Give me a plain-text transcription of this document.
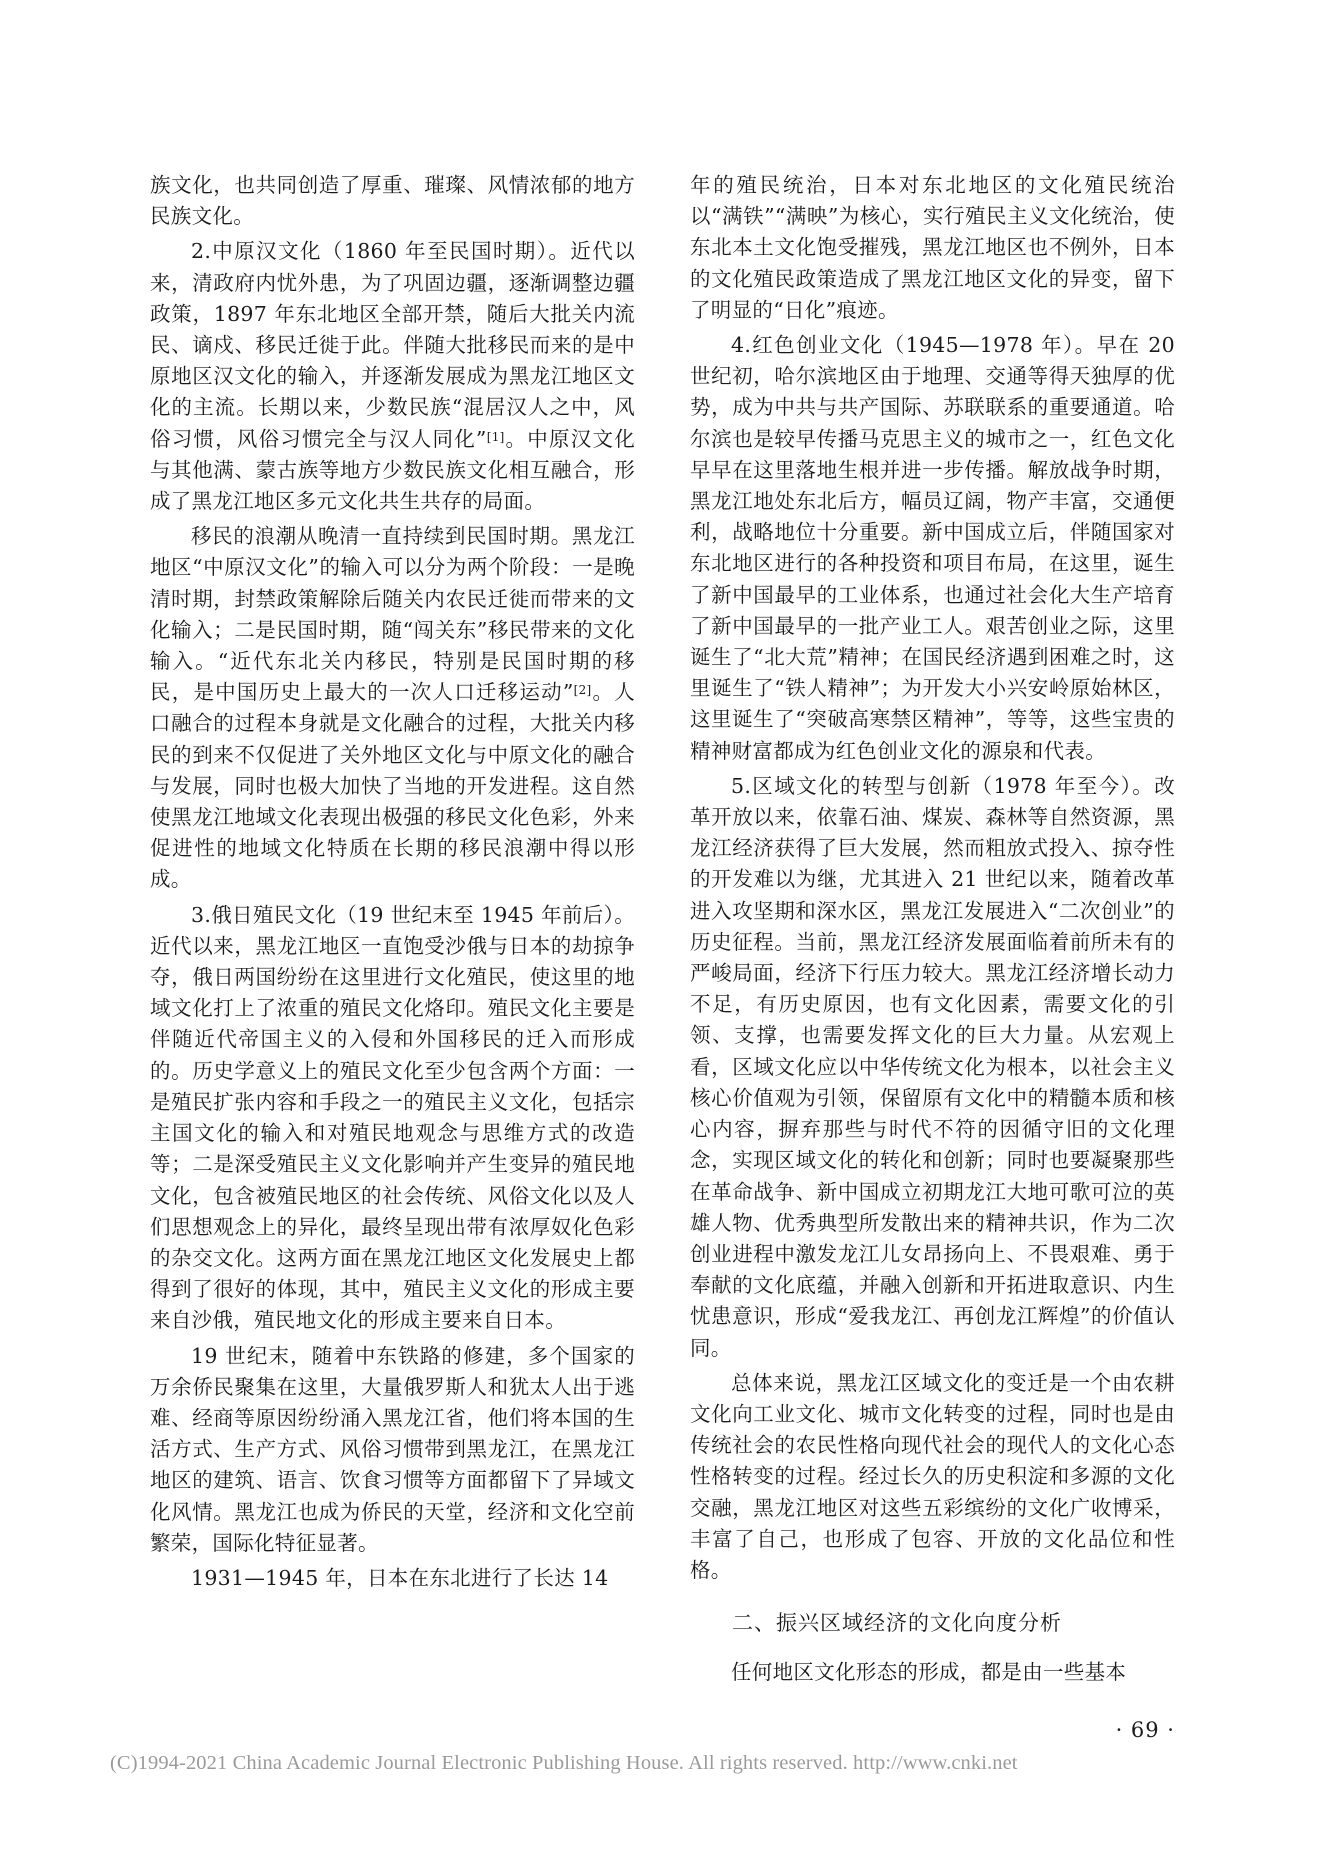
族文化，也共同创造了厚重、璀璨、风情浓郁的地方民族文化。

2.中原汉文化（1860 年至民国时期）。近代以来，清政府内忧外患，为了巩固边疆，逐渐调整边疆政策，1897 年东北地区全部开禁，随后大批关内流民、谪戍、移民迁徙于此。伴随大批移民而来的是中原地区汉文化的输入，并逐渐发展成为黑龙江地区文化的主流。长期以来，少数民族“混居汉人之中，风俗习惯，风俗习惯完全与汉人同化”[1]。中原汉文化与其他满、蒙古族等地方少数民族文化相互融合，形成了黑龙江地区多元文化共生共存的局面。

移民的浪潮从晚清一直持续到民国时期。黑龙江地区“中原汉文化”的输入可以分为两个阶段：一是晚清时期，封禁政策解除后随关内农民迁徙而带来的文化输入；二是民国时期，随“闯关东”移民带来的文化输入。“近代东北关内移民，特别是民国时期的移民，是中国历史上最大的一次人口迁移运动”[2]。人口融合的过程本身就是文化融合的过程，大批关内移民的到来不仅促进了关外地区文化与中原文化的融合与发展，同时也极大加快了当地的开发进程。这自然使黑龙江地域文化表现出极强的移民文化色彩，外来促进性的地域文化特质在长期的移民浪潮中得以形成。

3.俄日殖民文化（19 世纪末至 1945 年前后）。近代以来，黑龙江地区一直饱受沙俄与日本的劫掠争夺，俄日两国纷纷在这里进行文化殖民，使这里的地域文化打上了浓重的殖民文化烙印。殖民文化主要是伴随近代帝国主义的入侵和外国移民的迁入而形成的。历史学意义上的殖民文化至少包含两个方面：一是殖民扩张内容和手段之一的殖民主义文化，包括宗主国文化的输入和对殖民地观念与思维方式的改造等；二是深受殖民主义文化影响并产生变异的殖民地文化，包含被殖民地区的社会传统、风俗文化以及人们思想观念上的异化，最终呈现出带有浓厚奴化色彩的杂交文化。这两方面在黑龙江地区文化发展史上都得到了很好的体现，其中，殖民主义文化的形成主要来自沙俄，殖民地文化的形成主要来自日本。

19 世纪末，随着中东铁路的修建，多个国家的万余侨民聚集在这里，大量俄罗斯人和犹太人出于逃难、经商等原因纷纷涌入黑龙江省，他们将本国的生活方式、生产方式、风俗习惯带到黑龙江，在黑龙江地区的建筑、语言、饮食习惯等方面都留下了异域文化风情。黑龙江也成为侨民的天堂，经济和文化空前繁荣，国际化特征显著。

1931—1945 年，日本在东北进行了长达 14

年的殖民统治，日本对东北地区的文化殖民统治以“满铁”“满映”为核心，实行殖民主义文化统治，使东北本土文化饱受摧残，黑龙江地区也不例外，日本的文化殖民政策造成了黑龙江地区文化的异变，留下了明显的“日化”痕迹。

4.红色创业文化（1945—1978 年）。早在 20 世纪初，哈尔滨地区由于地理、交通等得天独厚的优势，成为中共与共产国际、苏联联系的重要通道。哈尔滨也是较早传播马克思主义的城市之一，红色文化早早在这里落地生根并进一步传播。解放战争时期，黑龙江地处东北后方，幅员辽阔，物产丰富，交通便利，战略地位十分重要。新中国成立后，伴随国家对东北地区进行的各种投资和项目布局，在这里，诞生了新中国最早的工业体系，也通过社会化大生产培育了新中国最早的一批产业工人。艰苦创业之际，这里诞生了“北大荒”精神；在国民经济遇到困难之时，这里诞生了“铁人精神”；为开发大小兴安岭原始林区，这里诞生了“突破高寒禁区精神”，等等，这些宝贵的精神财富都成为红色创业文化的源泉和代表。

5.区域文化的转型与创新（1978 年至今）。改革开放以来，依靠石油、煤炭、森林等自然资源，黑龙江经济获得了巨大发展，然而粗放式投入、掠夺性的开发难以为继，尤其进入 21 世纪以来，随着改革进入攻坚期和深水区，黑龙江发展进入“二次创业”的历史征程。当前，黑龙江经济发展面临着前所未有的严峻局面，经济下行压力较大。黑龙江经济增长动力不足，有历史原因，也有文化因素，需要文化的引领、支撑，也需要发挥文化的巨大力量。从宏观上看，区域文化应以中华传统文化为根本，以社会主义核心价值观为引领，保留原有文化中的精髓本质和核心内容，摒弃那些与时代不符的因循守旧的文化理念，实现区域文化的转化和创新；同时也要凝聚那些在革命战争、新中国成立初期龙江大地可歌可泣的英雄人物、优秀典型所发散出来的精神共识，作为二次创业进程中激发龙江儿女昂扬向上、不畏艰难、勇于奉献的文化底蕴，并融入创新和开拓进取意识、内生忧患意识，形成“爱我龙江、再创龙江辉煌”的价值认同。

总体来说，黑龙江区域文化的变迁是一个由农耕文化向工业文化、城市文化转变的过程，同时也是由传统社会的农民性格向现代社会的现代人的文化心态性格转变的过程。经过长久的历史积淀和多源的文化交融，黑龙江地区对这些五彩缤纷的文化广收博采，丰富了自己，也形成了包容、开放的文化品位和性格。

二、振兴区域经济的文化向度分析

任何地区文化形态的形成，都是由一些基本

· 69 ·
(C)1994-2021 China Academic Journal Electronic Publishing House. All rights reserved. http://www.cnki.net
